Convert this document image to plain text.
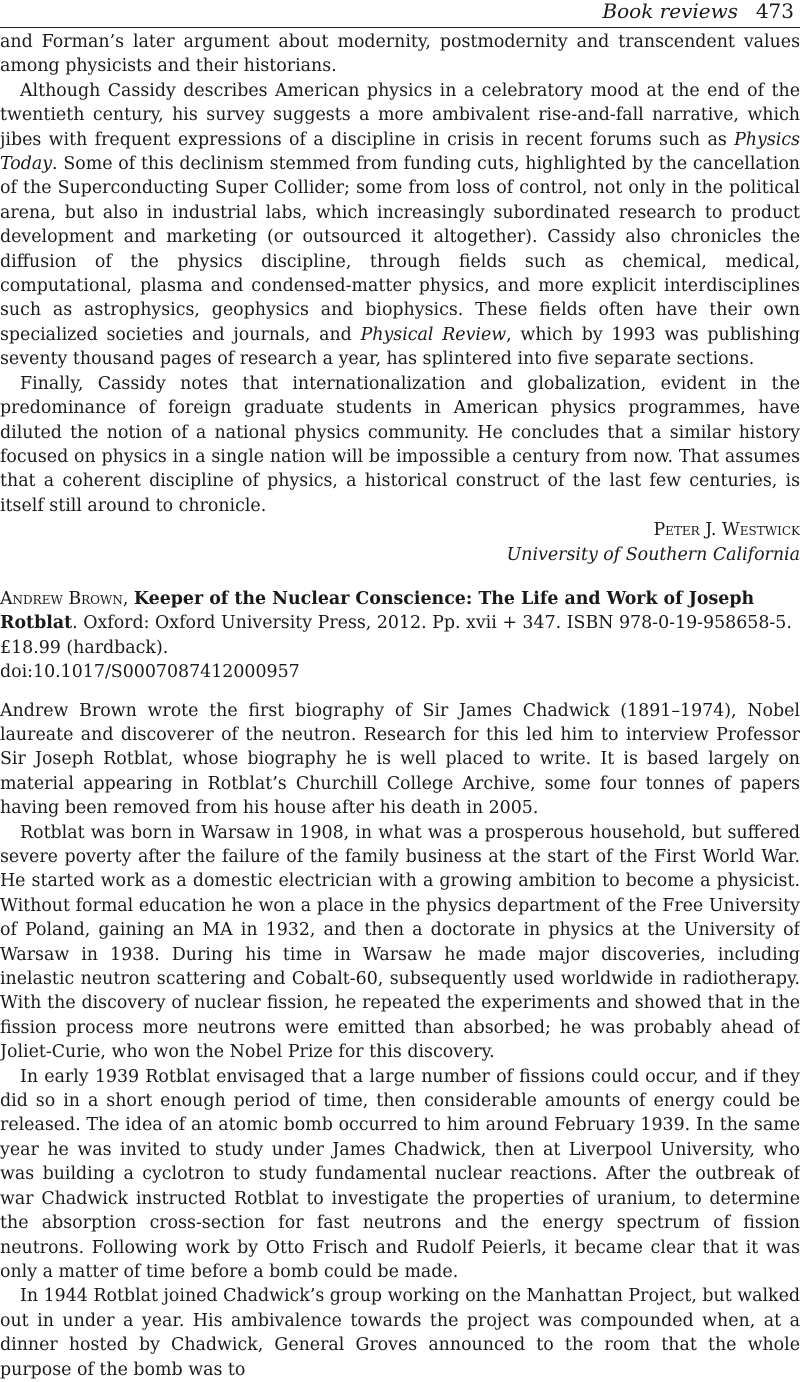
Book reviews 473

and Forman’s later argument about modernity, postmodernity and transcendent values among physicists and their historians.

Although Cassidy describes American physics in a celebratory mood at the end of the twentieth century, his survey suggests a more ambivalent rise-and-fall narrative, which jibes with frequent expressions of a discipline in crisis in recent forums such as Physics Today. Some of this declinism stemmed from funding cuts, highlighted by the cancellation of the Superconducting Super Collider; some from loss of control, not only in the political arena, but also in industrial labs, which increasingly subordinated research to product development and marketing (or outsourced it altogether). Cassidy also chronicles the diffusion of the physics discipline, through fields such as chemical, medical, computational, plasma and condensed-matter physics, and more explicit interdisciplines such as astrophysics, geophysics and biophysics. These fields often have their own specialized societies and journals, and Physical Review, which by 1993 was publishing seventy thousand pages of research a year, has splintered into five separate sections.

Finally, Cassidy notes that internationalization and globalization, evident in the predominance of foreign graduate students in American physics programmes, have diluted the notion of a national physics community. He concludes that a similar history focused on physics in a single nation will be impossible a century from now. That assumes that a coherent discipline of physics, a historical construct of the last few centuries, is itself still around to chronicle.

Peter J. Westwick

University of Southern California

Andrew Brown, Keeper of the Nuclear Conscience: The Life and Work of Joseph Rotblat. Oxford: Oxford University Press, 2012. Pp. xvii + 347. ISBN 978-0-19-958658-5. £18.99 (hardback).
doi:10.1017/S0007087412000957

Andrew Brown wrote the first biography of Sir James Chadwick (1891–1974), Nobel laureate and discoverer of the neutron. Research for this led him to interview Professor Sir Joseph Rotblat, whose biography he is well placed to write. It is based largely on material appearing in Rotblat’s Churchill College Archive, some four tonnes of papers having been removed from his house after his death in 2005.

Rotblat was born in Warsaw in 1908, in what was a prosperous household, but suffered severe poverty after the failure of the family business at the start of the First World War. He started work as a domestic electrician with a growing ambition to become a physicist. Without formal education he won a place in the physics department of the Free University of Poland, gaining an MA in 1932, and then a doctorate in physics at the University of Warsaw in 1938. During his time in Warsaw he made major discoveries, including inelastic neutron scattering and Cobalt-60, subsequently used worldwide in radiotherapy. With the discovery of nuclear fission, he repeated the experiments and showed that in the fission process more neutrons were emitted than absorbed; he was probably ahead of Joliet-Curie, who won the Nobel Prize for this discovery.

In early 1939 Rotblat envisaged that a large number of fissions could occur, and if they did so in a short enough period of time, then considerable amounts of energy could be released. The idea of an atomic bomb occurred to him around February 1939. In the same year he was invited to study under James Chadwick, then at Liverpool University, who was building a cyclotron to study fundamental nuclear reactions. After the outbreak of war Chadwick instructed Rotblat to investigate the properties of uranium, to determine the absorption cross-section for fast neutrons and the energy spectrum of fission neutrons. Following work by Otto Frisch and Rudolf Peierls, it became clear that it was only a matter of time before a bomb could be made.

In 1944 Rotblat joined Chadwick’s group working on the Manhattan Project, but walked out in under a year. His ambivalence towards the project was compounded when, at a dinner hosted by Chadwick, General Groves announced to the room that the whole purpose of the bomb was to
